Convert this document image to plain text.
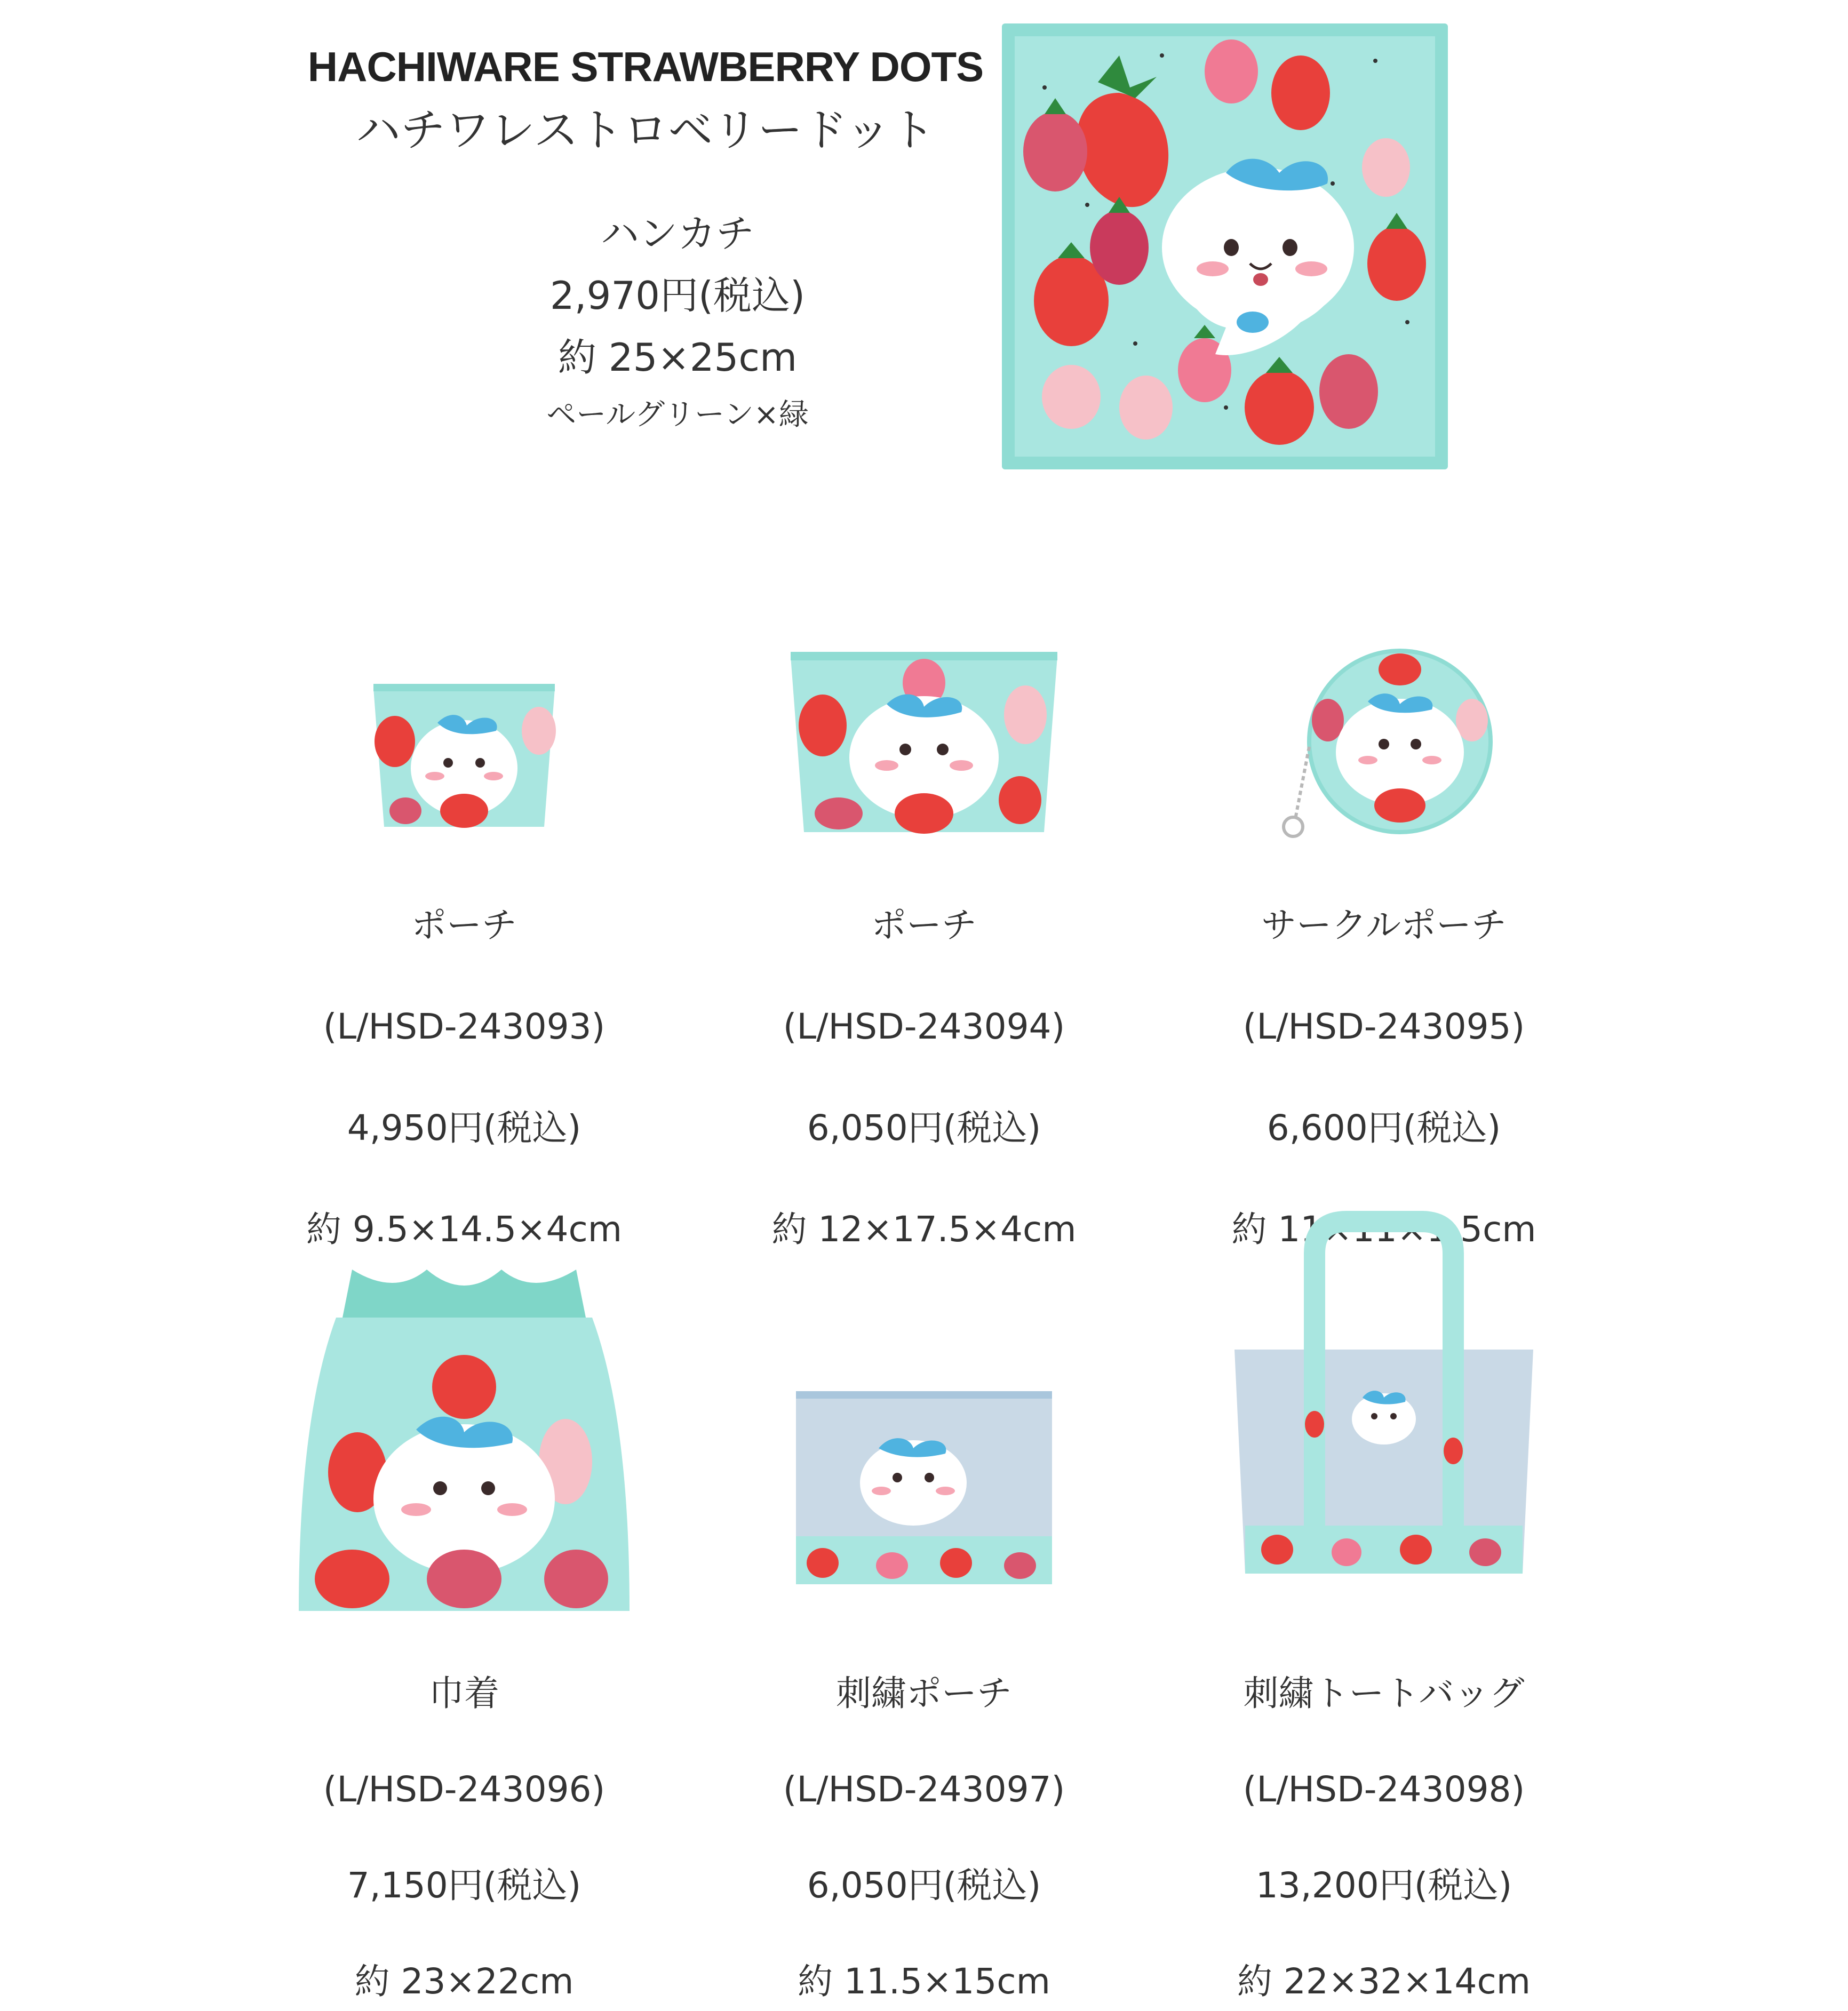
HACHIWARE STRAWBERRY DOTS
ハチワレストロベリードット
ハンカチ
2,970円(税込)
約 25×25cm
ペールグリーン×緑
ポーチ
(L/HSD-243093)
4,950円(税込)
約 9.5×14.5×4cm
ポーチ
(L/HSD-243094)
6,050円(税込)
約 12×17.5×4cm
サークルポーチ
(L/HSD-243095)
6,600円(税込)
約 11×11×1.5cm
巾着
(L/HSD-243096)
7,150円(税込)
約 23×22cm
刺繍ポーチ
(L/HSD-243097)
6,050円(税込)
約 11.5×15cm
刺繍トートバッグ
(L/HSD-243098)
13,200円(税込)
約 22×32×14cm
